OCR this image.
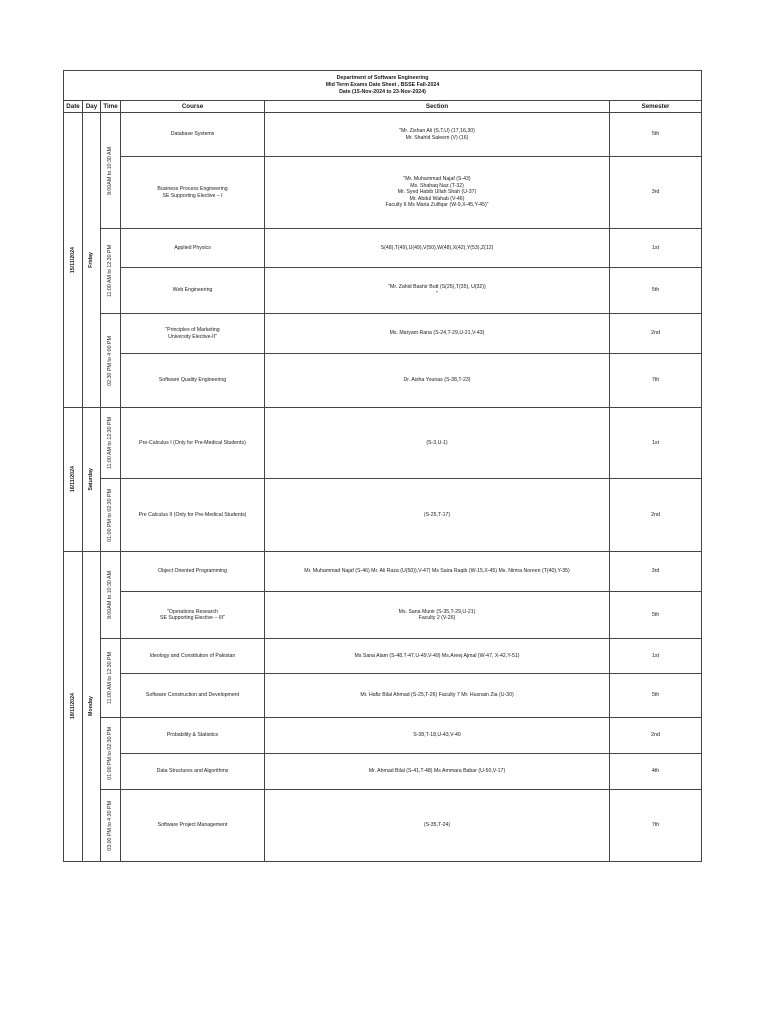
Department of Software Engineering
Mid Term Exams Date Sheet , BSSE Fall-2024
Date (15-Nov-2024 to 23-Nov-2024)					

Date	Day	Time	Course	Section	Semester

15/11/2024	Friday	9:00AM to 10:30 AM	Database Systems	"Mr. Zishan Ali (S,T,U) (17,16,30)
Mr. Shahid Saleem (V) (16)	5th
			Business Process Engineering
SE Supporting Elective – I	"Mr. Muhammad Najaf (S-43)
Ms. Shahaq Naz (T-32)
Mr. Syed Habib Ullah Shah (U-37)
Mr. Abdul Wahab (V-46)
Faculty 6 Ms Maria Zulfiqar (W-9,X-45,Y-45)"	3rd

		11:00 AM to 12:30 PM	Applied Physics	S(48),T(49),U(49),V(50),W(48),X(42),Y(53),Z(12)	1st
			Web Engineering	"Mr. Zahid Bashir Butt (S(25),T(35), U(32))
"	5th

		02:30 PM to 4:00 PM	"Principles of Marketing
University Elective-II"	Ms. Maryam Rana (S-24,T-29,U-21,V-43)	2nd
			Software Quality Engineering	Dr. Aisha Younas (S-38,T-23)	7th

16/11/2024	Saturday	11:00 AM to 12:30 PM	Pre-Calculus I (Only for Pre-Medical Students)	(S-3,U-1)	1st

		01:00 PM to 02:30 PM	Pre Calculus II (Only for Pre-Medical Students)	(S-25,T-17)	2nd

18/11/2024	Monday	9:00AM to 10:30 AM	Object Oriented Programming	Mr. Muhammad Najaf (S-46) Mr. Ali Raza (U(50)),V-47) Ms Saira Raqib (W-15,X-45) Ms. Nimra Noreen (T(40),Y-35)	3rd
			"Operations Research
SE Supporting Elective – III"	Ms. Sana Munir (S-35,T-29,U-21)
Faculty 2 (V-26)	5th

		11:00 AM to 12:30 PM	Ideology and Constitution of Pakistan	Ms Sana Alam (S-48,T-47,U-49,V-49) Ms.Areej Ajmal (W-47, X-42,Y-51)	1st
			Software Construction and Development	Mr. Hafiz Bilal Ahmad (S-25,T-26) Faculty 7 Mr. Husnain Zia (U-30)	5th

		01:00 PM to 02:30 PM	Probability & Statistics	S-38,T-18,U-43,V-40	2nd
			Data Structures and Algorithms	Mr. Ahmad Bilal (S-41,T-48) Ms Ammara Babar (U-50,V-17)	4th

		03:00 PM to 4:30 PM	Software Project Management	(S-35,T-24)	7th
